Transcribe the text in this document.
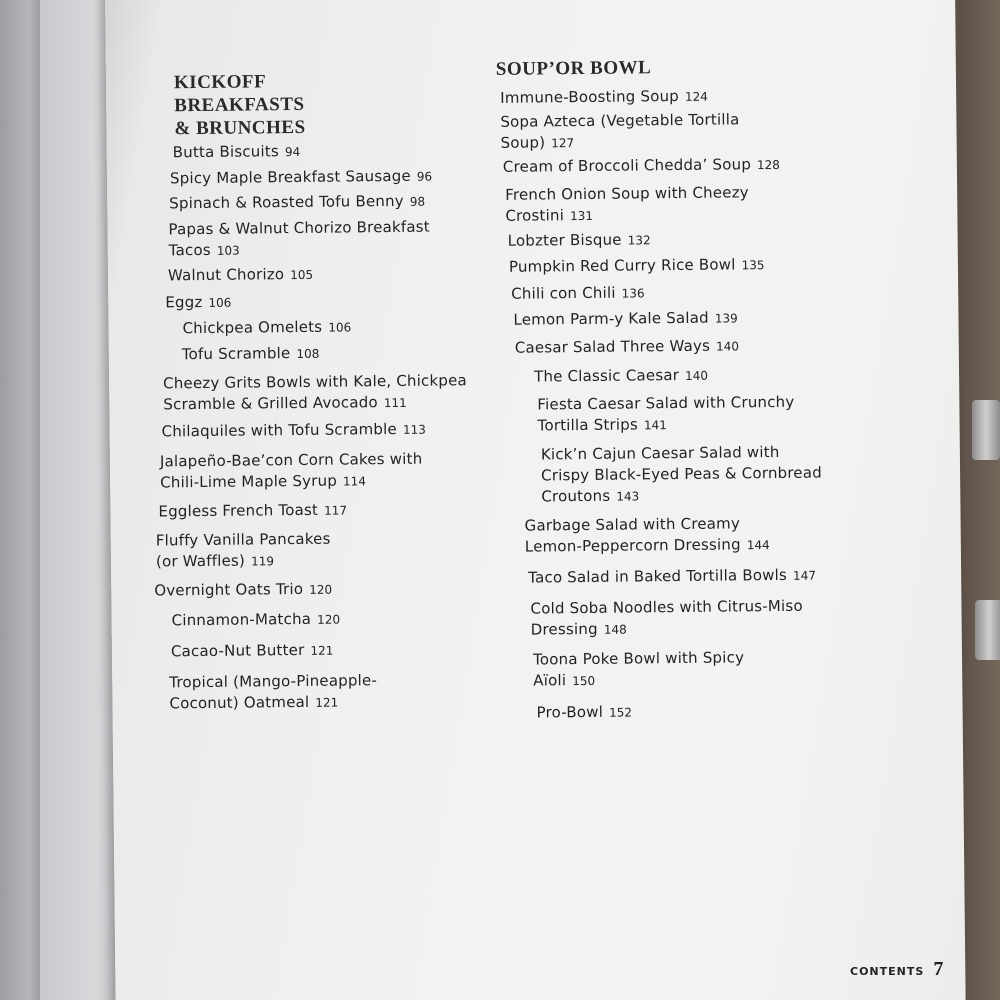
KICKOFF
BREAKFASTS
& BRUNCHES
SOUP’OR BOWL
Butta Biscuits 94
Spicy Maple Breakfast Sausage 96
Spinach & Roasted Tofu Benny 98
Papas & Walnut Chorizo Breakfast
Tacos 103
Walnut Chorizo 105
Eggz 106
Chickpea Omelets 106
Tofu Scramble 108
Cheezy Grits Bowls with Kale, Chickpea
Scramble & Grilled Avocado 111
Chilaquiles with Tofu Scramble 113
Jalapeño-Bae’con Corn Cakes with
Chili-Lime Maple Syrup 114
Eggless French Toast 117
Fluffy Vanilla Pancakes
(or Waffles) 119
Overnight Oats Trio 120
Cinnamon-Matcha 120
Cacao-Nut Butter 121
Tropical (Mango-Pineapple-
Coconut) Oatmeal 121
Immune-Boosting Soup 124
Sopa Azteca (Vegetable Tortilla
Soup) 127
Cream of Broccoli Chedda’ Soup 128
French Onion Soup with Cheezy
Crostini 131
Lobzter Bisque 132
Pumpkin Red Curry Rice Bowl 135
Chili con Chili 136
Lemon Parm-y Kale Salad 139
Caesar Salad Three Ways 140
The Classic Caesar 140
Fiesta Caesar Salad with Crunchy
Tortilla Strips 141
Kick’n Cajun Caesar Salad with
Crispy Black-Eyed Peas & Cornbread
Croutons 143
Garbage Salad with Creamy
Lemon-Peppercorn Dressing 144
Taco Salad in Baked Tortilla Bowls 147
Cold Soba Noodles with Citrus-Miso
Dressing 148
Toona Poke Bowl with Spicy
Aïoli 150
Pro-Bowl 152
CONTENTS 7
